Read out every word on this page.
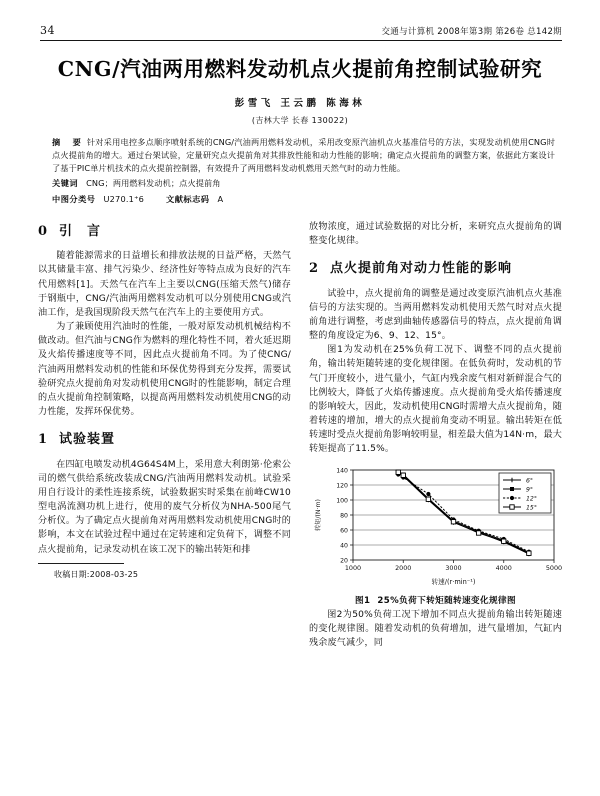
34	交通与计算机 2008年第3期 第26卷 总142期
CNG/汽油两用燃料发动机点火提前角控制试验研究
彭雪飞 王云鹏 陈海林
(吉林大学 长春 130022)
摘　要 针对采用电控多点顺序喷射系统的CNG/汽油两用燃料发动机，采用改变原汽油机点火基准信号的方法，实现发动机使用CNG时点火提前角的增大。通过台架试验，定量研究点火提前角对其排放性能和动力性能的影响；确定点火提前角的调整方案，依据此方案设计了基于PIC单片机技术的点火提前控制器，有效提升了两用燃料发动机燃用天然气时的动力性能。
关键词 CNG；两用燃料发动机；点火提前角
中图分类号 U270.1⁺6	文献标志码 A
0 引　言

随着能源需求的日益增长和排放法规的日益严格，天然气以其储量丰富、排气污染少、经济性好等特点成为良好的汽车代用燃料[1]。天然气在汽车上主要以CNG(压缩天然气)储存于钢瓶中，CNG/汽油两用燃料发动机可以分别使用CNG或汽油工作，是我国现阶段天然气在汽车上的主要使用方式。

为了兼顾使用汽油时的性能，一般对原发动机机械结构不做改动。但汽油与CNG作为燃料的理化特性不同，着火延迟期及火焰传播速度等不同，因此点火提前角不同。为了使CNG/汽油两用燃料发动机的性能和环保优势得到充分发挥，需要试验研究点火提前角对发动机使用CNG时的性能影响，制定合理的点火提前角控制策略，以提高两用燃料发动机使用CNG的动力性能，发挥环保优势。

1 试验装置

在四缸电喷发动机4G64S4M上，采用意大利朗第·伦索公司的燃气供给系统改装成CNG/汽油两用燃料发动机。试验采用自行设计的柔性连接系统，试验数据实时采集在前峰CW10型电涡流测功机上进行，使用的废气分析仪为NHA-500尾气分析仪。为了确定点火提前角对两用燃料发动机使用CNG时的影响，本文在试验过程中通过在定转速和定负荷下，调整不同点火提前角，记录发动机在该工况下的输出转矩和排

收稿日期:2008-03-25

放物浓度，通过试验数据的对比分析，来研究点火提前角的调整变化规律。

2 点火提前角对动力性能的影响

试验中，点火提前角的调整是通过改变原汽油机点火基准信号的方法实现的。当两用燃料发动机使用天然气时对点火提前角进行调整，考虑到曲轴传感器信号的特点，点火提前角调整的角度设定为6、9、12、15°。

图1为发动机在25%负荷工况下、调整不同的点火提前角，输出转矩随转速的变化规律图。在低负荷时，发动机的节气门开度较小，进气量小，气缸内残余废气相对新鲜混合气的比例较大，降低了火焰传播速度。点火提前角受火焰传播速度的影响较大，因此，发动机使用CNG时需增大点火提前角，随着转速的增加，增大的点火提前角变动不明显。输出转矩在低转速时受点火提前角影响较明显，相差最大值为14N·m，最大转矩提高了11.5%。

20
40
60
80
100
120
140
1000	2000	3000	4000	5000
转速/(r·min⁻¹)
转矩/(N·m)
6°
9°
12°
15°
图1 25%负荷下转矩随转速变化规律图

图2为50%负荷工况下增加不同点火提前角输出转矩随速的变化规律图。随着发动机的负荷增加，进气量增加，气缸内残余废气减少，同
